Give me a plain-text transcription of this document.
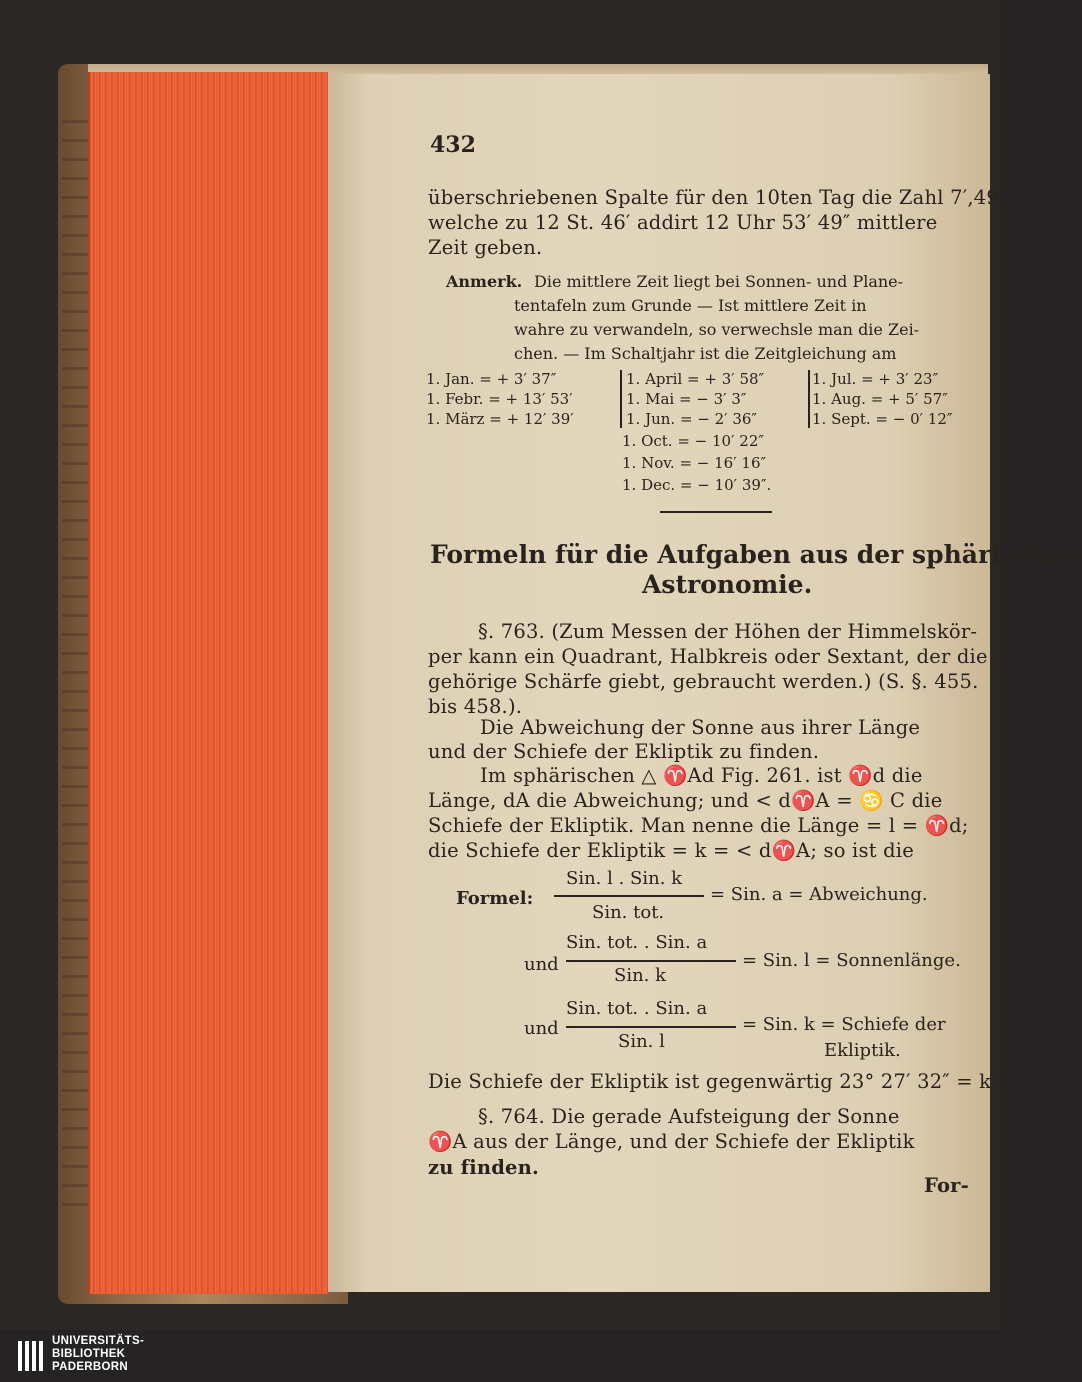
432
überschriebenen Spalte für den 10ten Tag die Zahl 7′,49″,
welche zu 12 St. 46′ addirt 12 Uhr 53′ 49″ mittlere
Zeit geben.
Anmerk. Die mittlere Zeit liegt bei Sonnen- und Plane-
tentafeln zum Grunde — Ist mittlere Zeit in
wahre zu verwandeln, so verwechsle man die Zei-
chen. — Im Schaltjahr ist die Zeitgleichung am
1. Jan. = + 3′ 37″
1. Febr. = + 13′ 53′
1. März = + 12′ 39′
1. April = + 3′ 58″
1. Mai = − 3′ 3″
1. Jun. = − 2′ 36″
1. Jul. = + 3′ 23″
1. Aug. = + 5′ 57″
1. Sept. = − 0′ 12″
1. Oct. = − 10′ 22″
1. Nov. = − 16′ 16″
1. Dec. = − 10′ 39″.
Formeln für die Aufgaben aus der sphärischen
Astronomie.
§. 763. (Zum Messen der Höhen der Himmelskör-
per kann ein Quadrant, Halbkreis oder Sextant, der die
gehörige Schärfe giebt, gebraucht werden.) (S. §. 455.
bis 458.).
Die Abweichung der Sonne aus ihrer Länge
und der Schiefe der Ekliptik zu finden.
Im sphärischen △ ♈Ad Fig. 261. ist ♈d die
Länge, dA die Abweichung; und < d♈A = ♋ C die
Schiefe der Ekliptik. Man nenne die Länge = l = ♈d;
die Schiefe der Ekliptik = k = < d♈A; so ist die
Formel:
Sin. l . Sin. k
Sin. tot.
= Sin. a = Abweichung.
und
Sin. tot. . Sin. a
Sin. k
= Sin. l = Sonnenlänge.
und
Sin. tot. . Sin. a
Sin. l
= Sin. k = Schiefe der
Ekliptik.
Die Schiefe der Ekliptik ist gegenwärtig 23° 27′ 32″ = k.
§. 764. Die gerade Aufsteigung der Sonne
♈A aus der Länge, und der Schiefe der Ekliptik
zu finden.
For-
UNIVERSITÄTS-
BIBLIOTHEK
PADERBORN
